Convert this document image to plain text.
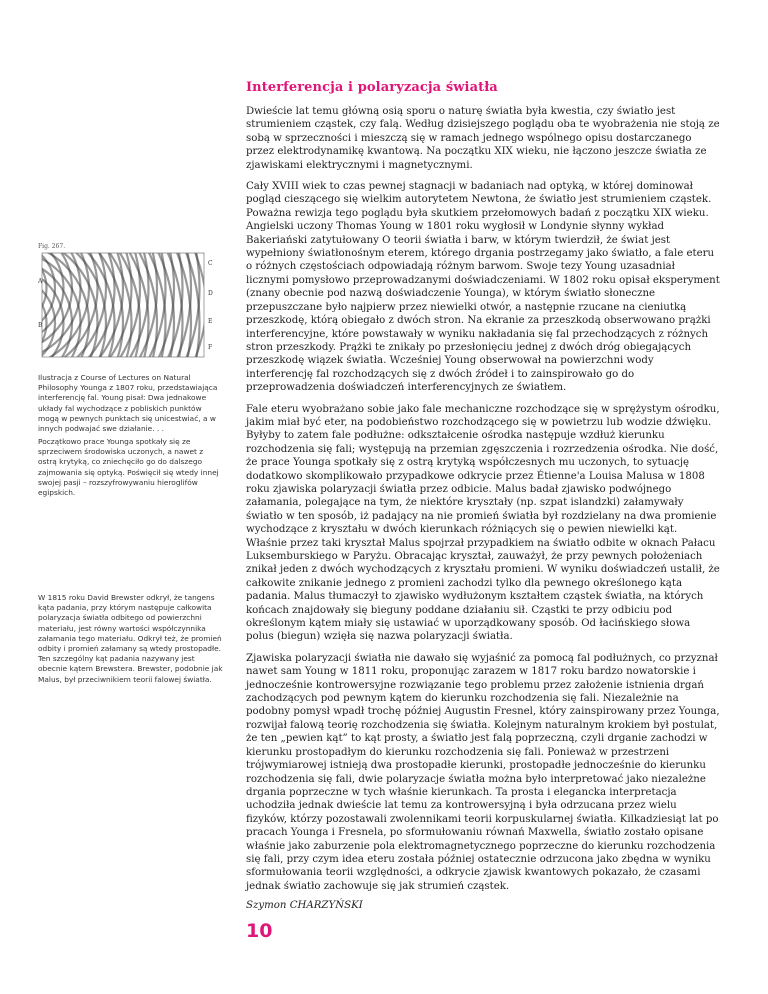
Interferencja i polaryzacja światła
Fig. 267.
C
A
B
D
E
F

Ilustracja z Course of Lectures on Natural Philosophy Younga z 1807 roku, przedstawiająca interferencję fal. Young pisał: Dwa jednakowe układy fal wychodzące z pobliskich punktów mogą w pewnych punktach się unicestwiać, a w innych podwajać swe działanie. . .

Początkowo prace Younga spotkały się ze sprzeciwem środowiska uczonych, a nawet z ostrą krytyką, co zniechęciło go do dalszego zajmowania się optyką. Poświęcił się wtedy innej swojej pasji – rozszyfrowywaniu hieroglifów egipskich.

W 1815 roku David Brewster odkrył, że tangens kąta padania, przy którym następuje całkowita polaryzacja światła odbitego od powierzchni materiału, jest równy wartości współczynnika załamania tego materiału. Odkrył też, że promień odbity i promień załamany są wtedy prostopadłe. Ten szczególny kąt padania nazywany jest obecnie kątem Brewstera. Brewster, podobnie jak Malus, był przeciwnikiem teorii falowej światła.

Dwieście lat temu główną osią sporu o naturę światła była kwestia, czy światło jest strumieniem cząstek, czy falą. Według dzisiejszego poglądu oba te wyobrażenia nie stoją ze sobą w sprzeczności i mieszczą się w ramach jednego wspólnego opisu dostarczanego przez elektrodynamikę kwantową. Na początku XIX wieku, nie łączono jeszcze światła ze zjawiskami elektrycznymi i magnetycznymi.

Cały XVIII wiek to czas pewnej stagnacji w badaniach nad optyką, w której dominował pogląd cieszącego się wielkim autorytetem Newtona, że światło jest strumieniem cząstek. Poważna rewizja tego poglądu była skutkiem przełomowych badań z początku XIX wieku. Angielski uczony Thomas Young w 1801 roku wygłosił w Londynie słynny wykład Bakeriański zatytułowany O teorii światła i barw, w którym twierdził, że świat jest wypełniony światłonośnym eterem, którego drgania postrzegamy jako światło, a fale eteru o różnych częstościach odpowiadają różnym barwom. Swoje tezy Young uzasadniał licznymi pomysłowo przeprowadzanymi doświadczeniami. W 1802 roku opisał eksperyment (znany obecnie pod nazwą doświadczenie Younga), w którym światło słoneczne przepuszczane było najpierw przez niewielki otwór, a następnie rzucane na cieniutką przeszkodę, którą obiegało z dwóch stron. Na ekranie za przeszkodą obserwowano prążki interferencyjne, które powstawały w wyniku nakładania się fal przechodzących z różnych stron przeszkody. Prążki te znikały po przesłonięciu jednej z dwóch dróg obiegających przeszkodę wiązek światła. Wcześniej Young obserwował na powierzchni wody interferencję fal rozchodzących się z dwóch źródeł i to zainspirowało go do przeprowadzenia doświadczeń interferencyjnych ze światłem.

Fale eteru wyobrażano sobie jako fale mechaniczne rozchodzące się w sprężystym ośrodku, jakim miał być eter, na podobieństwo rozchodzącego się w powietrzu lub wodzie dźwięku. Byłyby to zatem fale podłużne: odkształcenie ośrodka następuje wzdłuż kierunku rozchodzenia się fali; występują na przemian zgęszczenia i rozrzedzenia ośrodka. Nie dość, że prace Younga spotkały się z ostrą krytyką współczesnych mu uczonych, to sytuację dodatkowo skomplikowało przypadkowe odkrycie przez Étienne'a Louisa Malusa w 1808 roku zjawiska polaryzacji światła przez odbicie. Malus badał zjawisko podwójnego załamania, polegające na tym, że niektóre kryształy (np. szpat islandzki) załamywały światło w ten sposób, iż padający na nie promień światła był rozdzielany na dwa promienie wychodzące z kryształu w dwóch kierunkach różniących się o pewien niewielki kąt. Właśnie przez taki kryształ Malus spojrzał przypadkiem na światło odbite w oknach Pałacu Luksemburskiego w Paryżu. Obracając kryształ, zauważył, że przy pewnych położeniach znikał jeden z dwóch wychodzących z kryształu promieni. W wyniku doświadczeń ustalił, że całkowite znikanie jednego z promieni zachodzi tylko dla pewnego określonego kąta padania. Malus tłumaczył to zjawisko wydłużonym kształtem cząstek światła, na których końcach znajdowały się bieguny poddane działaniu sił. Cząstki te przy odbiciu pod określonym kątem miały się ustawiać w uporządkowany sposób. Od łacińskiego słowa polus (biegun) wzięła się nazwa polaryzacji światła.

Zjawiska polaryzacji światła nie dawało się wyjaśnić za pomocą fal podłużnych, co przyznał nawet sam Young w 1811 roku, proponując zarazem w 1817 roku bardzo nowatorskie i jednocześnie kontrowersyjne rozwiązanie tego problemu przez założenie istnienia drgań zachodzących pod pewnym kątem do kierunku rozchodzenia się fali. Niezależnie na podobny pomysł wpadł trochę później Augustin Fresnel, który zainspirowany przez Younga, rozwijał falową teorię rozchodzenia się światła. Kolejnym naturalnym krokiem był postulat, że ten „pewien kąt” to kąt prosty, a światło jest falą poprzeczną, czyli drganie zachodzi w kierunku prostopadłym do kierunku rozchodzenia się fali. Ponieważ w przestrzeni trójwymiarowej istnieją dwa prostopadłe kierunki, prostopadłe jednocześnie do kierunku rozchodzenia się fali, dwie polaryzacje światła można było interpretować jako niezależne drgania poprzeczne w tych właśnie kierunkach. Ta prosta i elegancka interpretacja uchodziła jednak dwieście lat temu za kontrowersyjną i była odrzucana przez wielu fizyków, którzy pozostawali zwolennikami teorii korpuskularnej światła. Kilkadziesiąt lat po pracach Younga i Fresnela, po sformułowaniu równań Maxwella, światło zostało opisane właśnie jako zaburzenie pola elektromagnetycznego poprzeczne do kierunku rozchodzenia się fali, przy czym idea eteru została później ostatecznie odrzucona jako zbędna w wyniku sformułowania teorii względności, a odkrycie zjawisk kwantowych pokazało, że czasami jednak światło zachowuje się jak strumień cząstek.

Szymon CHARZYŃSKI

10
